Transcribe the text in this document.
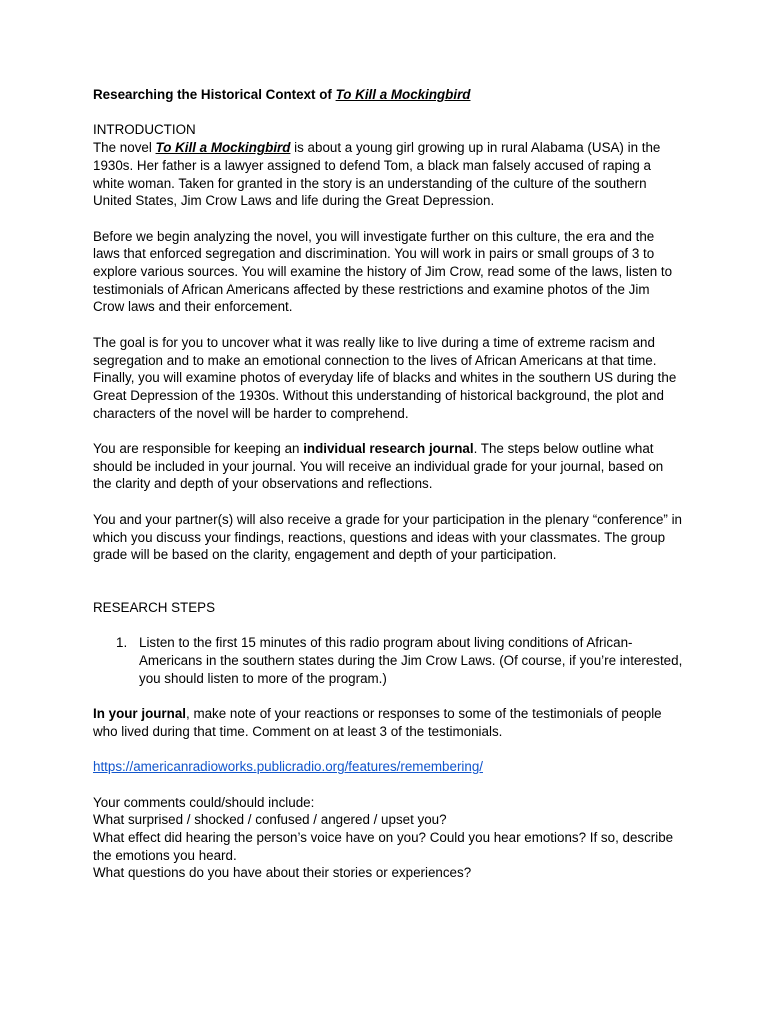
Researching the Historical Context of To Kill a Mockingbird

INTRODUCTION

The novel To Kill a Mockingbird is about a young girl growing up in rural Alabama (USA) in the 1930s. Her father is a lawyer assigned to defend Tom, a black man falsely accused of raping a white woman. Taken for granted in the story is an understanding of the culture of the southern United States, Jim Crow Laws and life during the Great Depression.

Before we begin analyzing the novel, you will investigate further on this culture, the era and the laws that enforced segregation and discrimination. You will work in pairs or small groups of 3 to explore various sources. You will examine the history of Jim Crow, read some of the laws, listen to testimonials of African Americans affected by these restrictions and examine photos of the Jim Crow laws and their enforcement.

The goal is for you to uncover what it was really like to live during a time of extreme racism and segregation and to make an emotional connection to the lives of African Americans at that time. Finally, you will examine photos of everyday life of blacks and whites in the southern US during the Great Depression of the 1930s. Without this understanding of historical background, the plot and characters of the novel will be harder to comprehend.

You are responsible for keeping an individual research journal. The steps below outline what should be included in your journal. You will receive an individual grade for your journal, based on the clarity and depth of your observations and reflections.

You and your partner(s) will also receive a grade for your participation in the plenary “conference” in which you discuss your findings, reactions, questions and ideas with your classmates. The group grade will be based on the clarity, engagement and depth of your participation.

RESEARCH STEPS

1. Listen to the first 15 minutes of this radio program about living conditions of African-Americans in the southern states during the Jim Crow Laws. (Of course, if you’re interested, you should listen to more of the program.)

In your journal, make note of your reactions or responses to some of the testimonials of people who lived during that time. Comment on at least 3 of the testimonials.

https://americanradioworks.publicradio.org/features/remembering/

Your comments could/should include:

What surprised / shocked / confused / angered / upset you?

What effect did hearing the person’s voice have on you? Could you hear emotions? If so, describe the emotions you heard.

What questions do you have about their stories or experiences?
